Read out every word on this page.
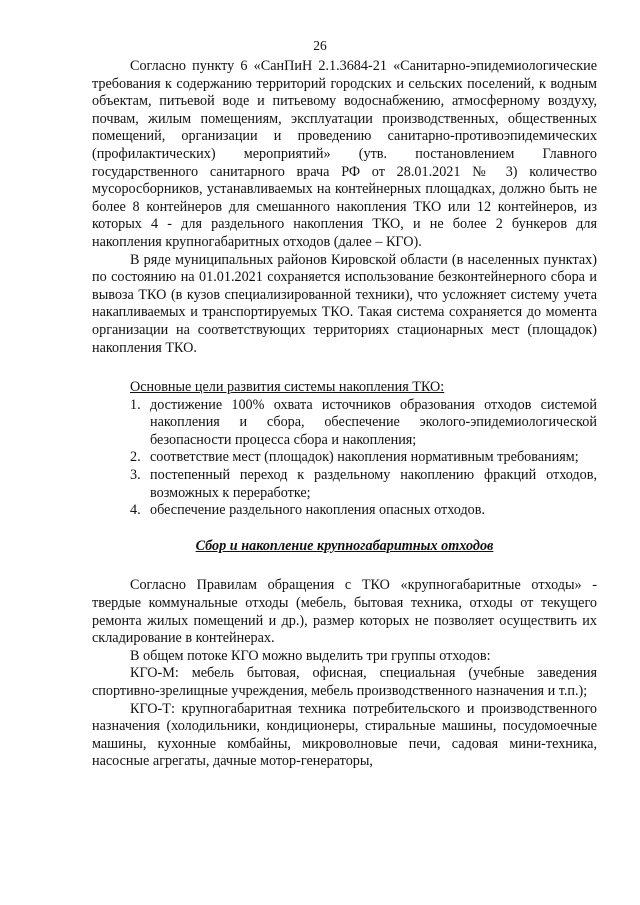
26

Согласно пункту 6 «СанПиН 2.1.3684-21 «Санитарно-эпидемиологические требования к содержанию территорий городских и сельских поселений, к водным объектам, питьевой воде и питьевому водоснабжению, атмосферному воздуху, почвам, жилым помещениям, эксплуатации производственных, общественных помещений, организации и проведению санитарно-противоэпидемических (профилактических) мероприятий» (утв. постановлением Главного государственного санитарного врача РФ от 28.01.2021 № 3) количество мусоросборников, устанавливаемых на контейнерных площадках, должно быть не более 8 контейнеров для смешанного накопления ТКО или 12 контейнеров, из которых 4 - для раздельного накопления ТКО, и не более 2 бункеров для накопления крупногабаритных отходов (далее – КГО).

В ряде муниципальных районов Кировской области (в населенных пунктах) по состоянию на 01.01.2021 сохраняется использование безконтейнерного сбора и вывоза ТКО (в кузов специализированной техники), что усложняет систему учета накапливаемых и транспортируемых ТКО. Такая система сохраняется до момента организации на соответствующих территориях стационарных мест (площадок) накопления ТКО.

Основные цели развития системы накопления ТКО:

1. достижение 100% охвата источников образования отходов системой накопления и сбора, обеспечение эколого-эпидемиологической безопасности процесса сбора и накопления;
2. соответствие мест (площадок) накопления нормативным требованиям;
3. постепенный переход к раздельному накоплению фракций отходов, возможных к переработке;
4. обеспечение раздельного накопления опасных отходов.

Сбор и накопление крупногабаритных отходов

Согласно Правилам обращения с ТКО «крупногабаритные отходы» - твердые коммунальные отходы (мебель, бытовая техника, отходы от текущего ремонта жилых помещений и др.), размер которых не позволяет осуществить их складирование в контейнерах.

В общем потоке КГО можно выделить три группы отходов:

КГО-М: мебель бытовая, офисная, специальная (учебные заведения спортивно-зрелищные учреждения, мебель производственного назначения и т.п.);

КГО-Т: крупногабаритная техника потребительского и производственного назначения (холодильники, кондиционеры, стиральные машины, посудомоечные машины, кухонные комбайны, микроволновые печи, садовая мини-техника, насосные агрегаты, дачные мотор-генераторы,
